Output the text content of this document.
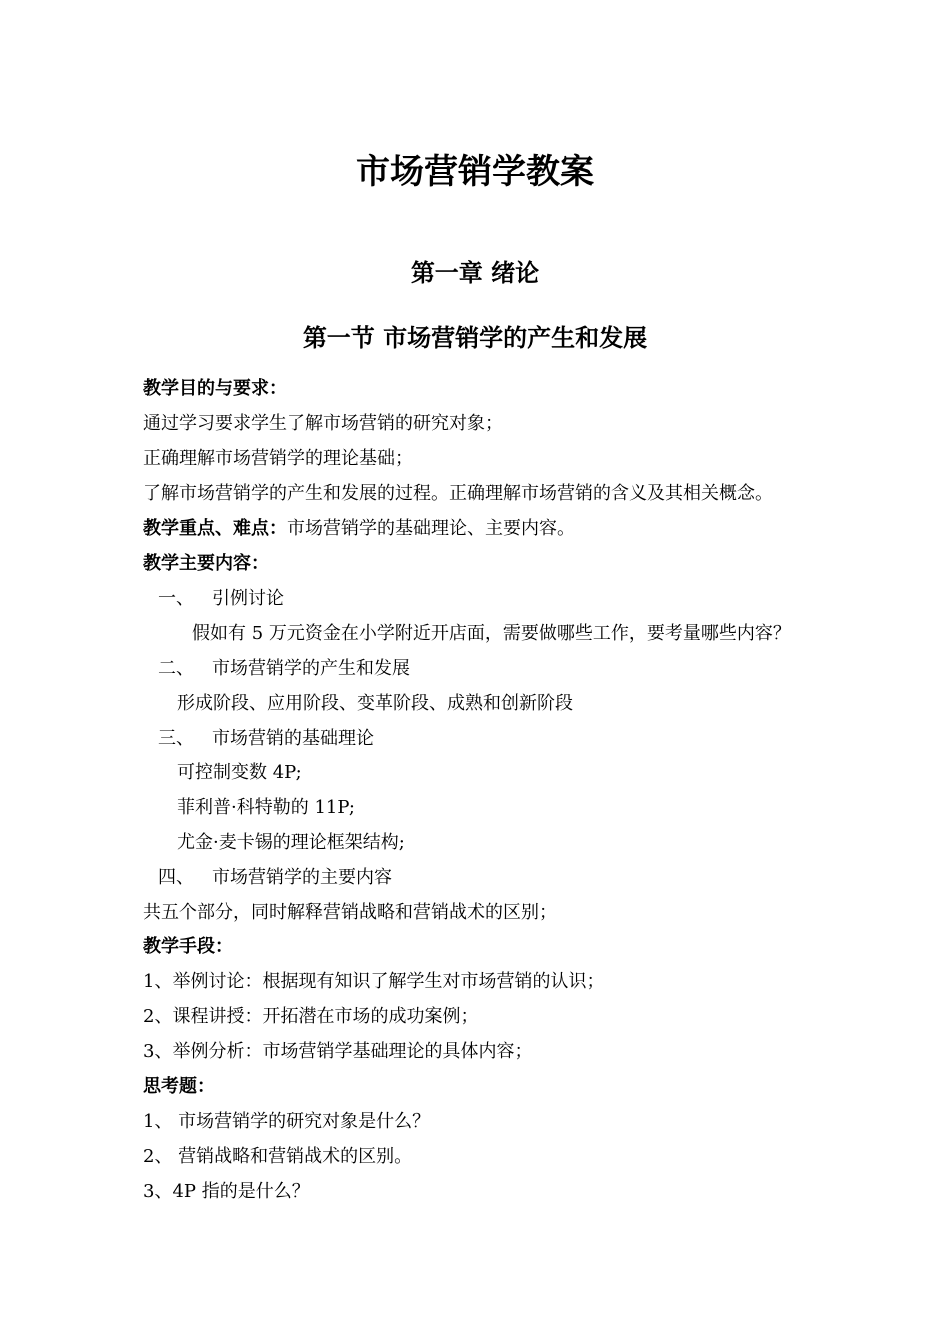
市场营销学教案
第一章 绪论
第一节 市场营销学的产生和发展
教学目的与要求：
通过学习要求学生了解市场营销的研究对象；
正确理解市场营销学的理论基础；
了解市场营销学的产生和发展的过程。正确理解市场营销的含义及其相关概念。
教学重点、难点：市场营销学的基础理论、主要内容。
教学主要内容：
一、 引例讨论
假如有 5 万元资金在小学附近开店面，需要做哪些工作，要考量哪些内容？
二、 市场营销学的产生和发展
形成阶段、应用阶段、变革阶段、成熟和创新阶段
三、 市场营销的基础理论
可控制变数 4P;
菲利普·科特勒的 11P;
尤金·麦卡锡的理论框架结构;
四、 市场营销学的主要内容
共五个部分，同时解释营销战略和营销战术的区别；
教学手段：
1、举例讨论：根据现有知识了解学生对市场营销的认识；
2、课程讲授：开拓潜在市场的成功案例；
3、举例分析：市场营销学基础理论的具体内容；
思考题：
1、 市场营销学的研究对象是什么？
2、 营销战略和营销战术的区别。
3、4P 指的是什么？
